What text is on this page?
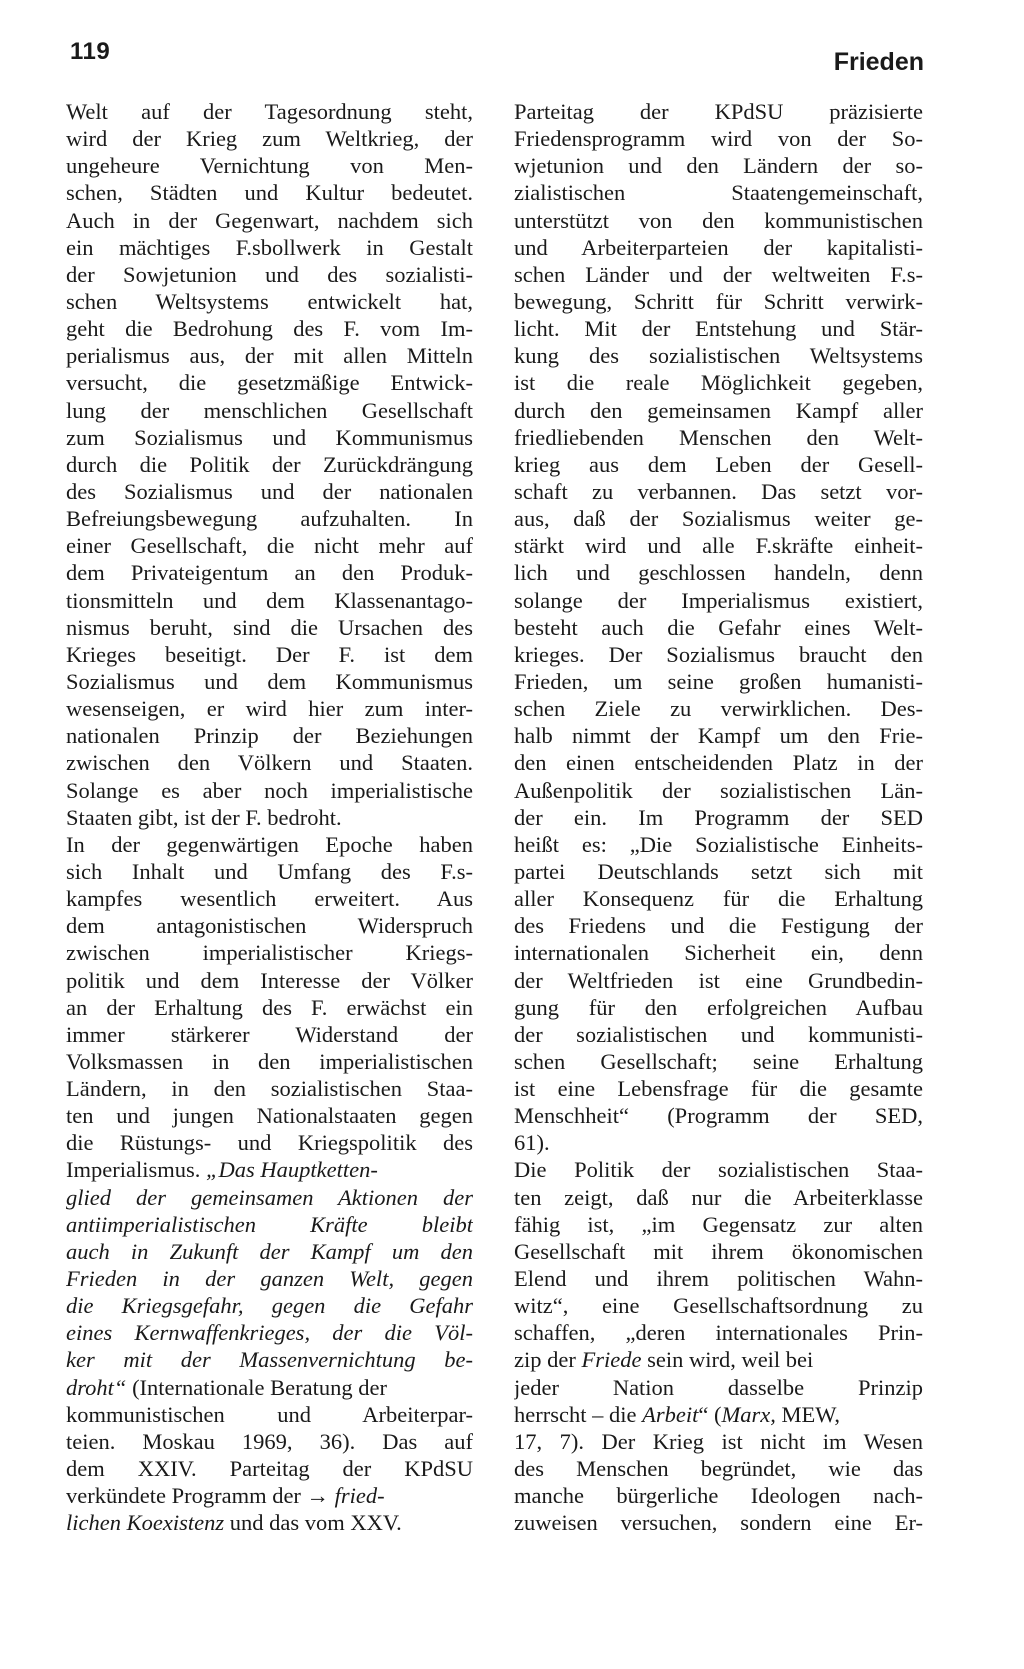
119	Frieden
Welt auf der Tagesordnung steht,
wird der Krieg zum Weltkrieg, der
ungeheure Vernichtung von Men-
schen, Städten und Kultur bedeutet.
Auch in der Gegenwart, nachdem sich
ein mächtiges F.sbollwerk in Gestalt
der Sowjetunion und des sozialisti-
schen Weltsystems entwickelt hat,
geht die Bedrohung des F. vom Im-
perialismus aus, der mit allen Mitteln
versucht, die gesetzmäßige Entwick-
lung der menschlichen Gesellschaft
zum Sozialismus und Kommunismus
durch die Politik der Zurückdrängung
des Sozialismus und der nationalen
Befreiungsbewegung aufzuhalten. In
einer Gesellschaft, die nicht mehr auf
dem Privateigentum an den Produk-
tionsmitteln und dem Klassenantago-
nismus beruht, sind die Ursachen des
Krieges beseitigt. Der F. ist dem
Sozialismus und dem Kommunismus
wesenseigen, er wird hier zum inter-
nationalen Prinzip der Beziehungen
zwischen den Völkern und Staaten.
Solange es aber noch imperialistische
Staaten gibt, ist der F. bedroht.
In der gegenwärtigen Epoche haben
sich Inhalt und Umfang des F.s-
kampfes wesentlich erweitert. Aus
dem antagonistischen Widerspruch
zwischen imperialistischer Kriegs-
politik und dem Interesse der Völker
an der Erhaltung des F. erwächst ein
immer stärkerer Widerstand der
Volksmassen in den imperialistischen
Ländern, in den sozialistischen Staa-
ten und jungen Nationalstaaten gegen
die Rüstungs- und Kriegspolitik des
Imperialismus. „Das Hauptketten-
glied der gemeinsamen Aktionen der
antiimperialistischen Kräfte bleibt
auch in Zukunft der Kampf um den
Frieden in der ganzen Welt, gegen
die Kriegsgefahr, gegen die Gefahr
eines Kernwaffenkrieges, der die Völ-
ker mit der Massenvernichtung be-
droht“ (Internationale Beratung der
kommunistischen und Arbeiterpar-
teien. Moskau 1969, 36). Das auf
dem XXIV. Parteitag der KPdSU
verkündete Programm der → fried-
lichen Koexistenz und das vom XXV.
Parteitag der KPdSU präzisierte
Friedensprogramm wird von der So-
wjetunion und den Ländern der so-
zialistischen Staatengemeinschaft,
unterstützt von den kommunistischen
und Arbeiterparteien der kapitalisti-
schen Länder und der weltweiten F.s-
bewegung, Schritt für Schritt verwirk-
licht. Mit der Entstehung und Stär-
kung des sozialistischen Weltsystems
ist die reale Möglichkeit gegeben,
durch den gemeinsamen Kampf aller
friedliebenden Menschen den Welt-
krieg aus dem Leben der Gesell-
schaft zu verbannen. Das setzt vor-
aus, daß der Sozialismus weiter ge-
stärkt wird und alle F.skräfte einheit-
lich und geschlossen handeln, denn
solange der Imperialismus existiert,
besteht auch die Gefahr eines Welt-
krieges. Der Sozialismus braucht den
Frieden, um seine großen humanisti-
schen Ziele zu verwirklichen. Des-
halb nimmt der Kampf um den Frie-
den einen entscheidenden Platz in der
Außenpolitik der sozialistischen Län-
der ein. Im Programm der SED
heißt es: „Die Sozialistische Einheits-
partei Deutschlands setzt sich mit
aller Konsequenz für die Erhaltung
des Friedens und die Festigung der
internationalen Sicherheit ein, denn
der Weltfrieden ist eine Grundbedin-
gung für den erfolgreichen Aufbau
der sozialistischen und kommunisti-
schen Gesellschaft; seine Erhaltung
ist eine Lebensfrage für die gesamte
Menschheit“ (Programm der SED,
61).
Die Politik der sozialistischen Staa-
ten zeigt, daß nur die Arbeiterklasse
fähig ist, „im Gegensatz zur alten
Gesellschaft mit ihrem ökonomischen
Elend und ihrem politischen Wahn-
witz“, eine Gesellschaftsordnung zu
schaffen, „deren internationales Prin-
zip der Friede sein wird, weil bei
jeder Nation dasselbe Prinzip
herrscht – die Arbeit“ (Marx, MEW,
17, 7). Der Krieg ist nicht im Wesen
des Menschen begründet, wie das
manche bürgerliche Ideologen nach-
zuweisen versuchen, sondern eine Er-
